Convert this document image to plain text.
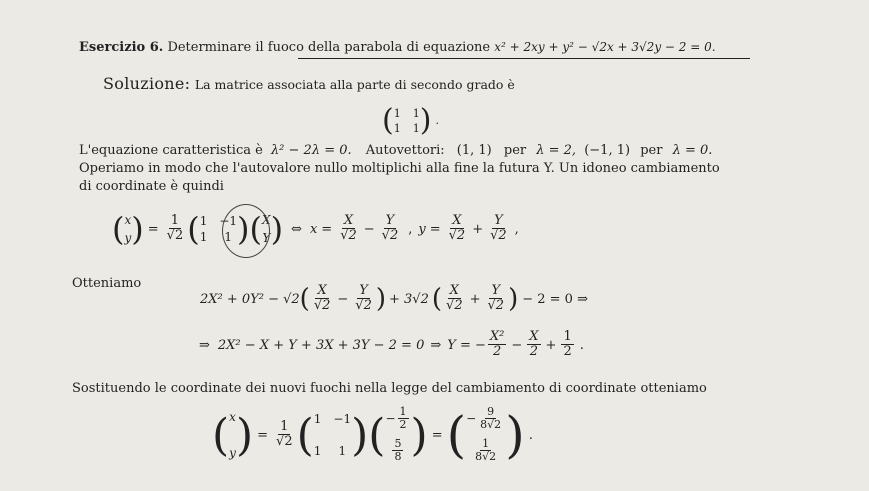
Esercizio 6. Determinare il fuoco della parabola di equazione x² + 2xy + y² − √2x + 3√2y − 2 = 0.
Soluzione: La matrice associata alla parte di secondo grado è
( 1 1
1 1 ) .
L'equazione caratteristica è λ² − 2λ = 0. Autovettori: (1, 1) per λ = 2, (−1, 1) per λ = 0.
Operiamo in modo che l'autovalore nullo moltiplichi alla fine la futura Y. Un idoneo cambiamento
di coordinate è quindi
( x
y ) = $\frac{1}{√2}$ ( 1 −1
1	1 ) ( X
Y ) ⇔ $x = \frac{X}{√2} - \frac{Y}{√2}$ , $y = \frac{X}{√2} + \frac{Y}{√2}$ ,
Otteniamo
2X² + 0Y² − √2 ( $\frac{X}{√2} - \frac{Y}{√2}$ ) + 3√2 ( $\frac{X}{√2} + \frac{Y}{√2}$ ) − 2 = 0 ⇒
⇒ 2X² − X + Y + 3X + 3Y − 2 = 0 ⇒ Y = − $\frac{\text{X²}}{2} - \frac{X}{2} + \frac{1}{2}$ .
Sostituendo le coordinate dei nuovi fuochi nella legge del cambiamento di coordinate otteniamo
( x
y ) = $\frac{1}{√2}$ ( 1 −1
1	1 ) ( − $\frac{1}{2}$
$\frac{5}{8}$ ) = ( − $\frac{9}{8√2}$
$\frac{1}{8√2}$ ) .
